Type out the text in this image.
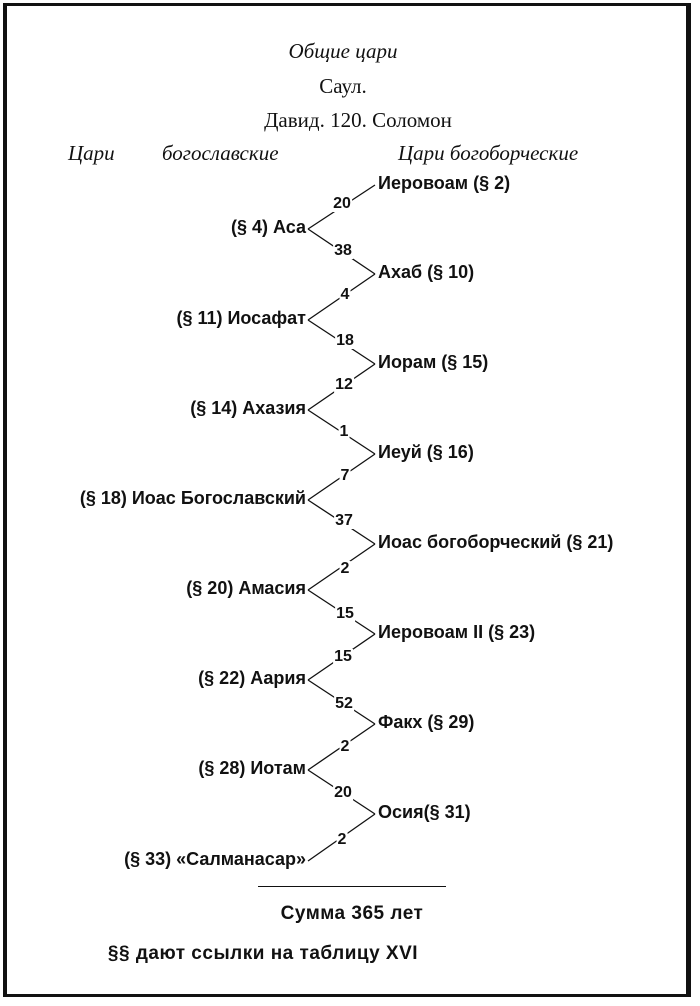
Общие цари
Саул.
Давид. 120. Соломон
Цари богославские	Цари богоборческие
(§ 4) Аса
(§ 11) Иосафат
(§ 14) Ахазия
(§ 18) Иоас Богославский
(§ 20) Амасия
(§ 22) Аария
(§ 28) Иотам
(§ 33) «Салманасар»
Иеровоам (§ 2)
Ахаб (§ 10)
Иорам (§ 15)
Иеуй (§ 16)
Иоас богоборческий (§ 21)
Иеровоам II (§ 23)
Факх (§ 29)
Осия(§ 31)
20
38
4
18
12
1
7
37
2
15
15
52
2
20
2
Сумма 365 лет
§§ дают ссылки на таблицу XVI
